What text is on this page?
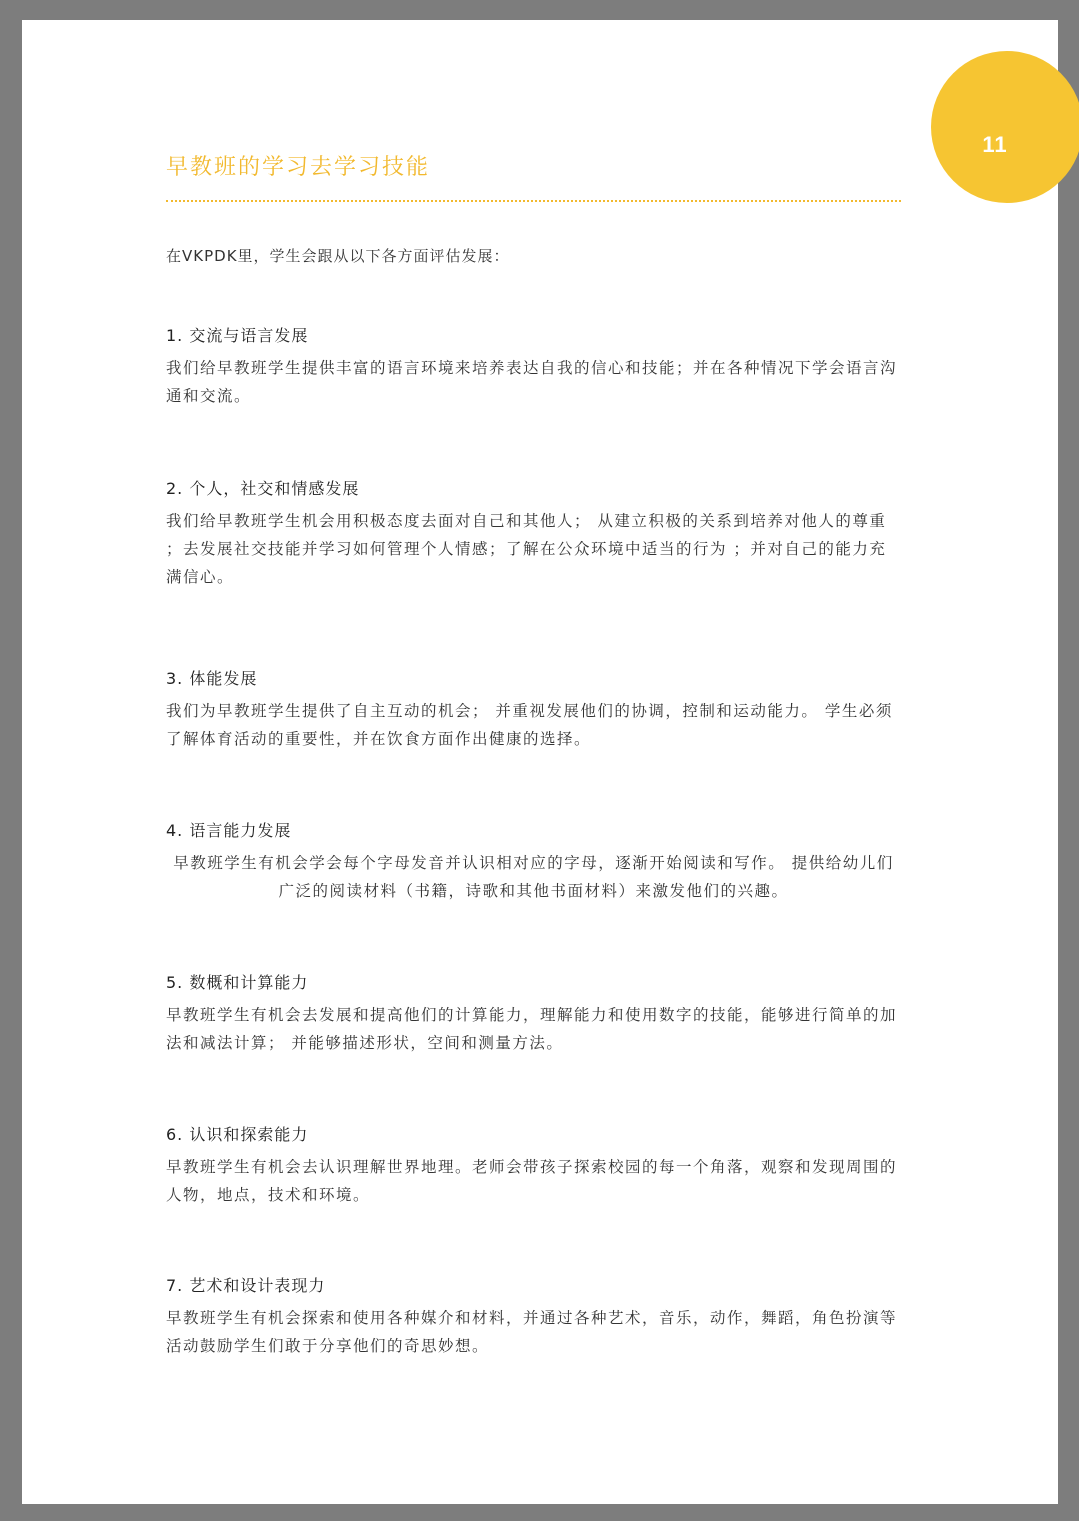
11
早教班的学习去学习技能
在VKPDK里，学生会跟从以下各方面评估发展：
1. 交流与语言发展
我们给早教班学生提供丰富的语言环境来培养表达自我的信心和技能；并在各种情况下学会语言沟通和交流。
2. 个人，社交和情感发展
我们给早教班学生机会用积极态度去面对自己和其他人； 从建立积极的关系到培养对他人的尊重 ；去发展社交技能并学习如何管理个人情感；了解在公众环境中适当的行为 ；并对自己的能力充满信心。
3. 体能发展
我们为早教班学生提供了自主互动的机会； 并重视发展他们的协调，控制和运动能力。 学生必须了解体育活动的重要性，并在饮食方面作出健康的选择。
4. 语言能力发展
早教班学生有机会学会每个字母发音并认识相对应的字母，逐渐开始阅读和写作。 提供给幼儿们广泛的阅读材料（书籍，诗歌和其他书面材料）来激发他们的兴趣。
5. 数概和计算能力
早教班学生有机会去发展和提高他们的计算能力，理解能力和使用数字的技能，能够进行简单的加法和减法计算； 并能够描述形状，空间和测量方法。
6. 认识和探索能力
早教班学生有机会去认识理解世界地理。老师会带孩子探索校园的每一个角落，观察和发现周围的人物，地点，技术和环境。
7. 艺术和设计表现力
早教班学生有机会探索和使用各种媒介和材料，并通过各种艺术，音乐，动作，舞蹈，角色扮演等活动鼓励学生们敢于分享他们的奇思妙想。
